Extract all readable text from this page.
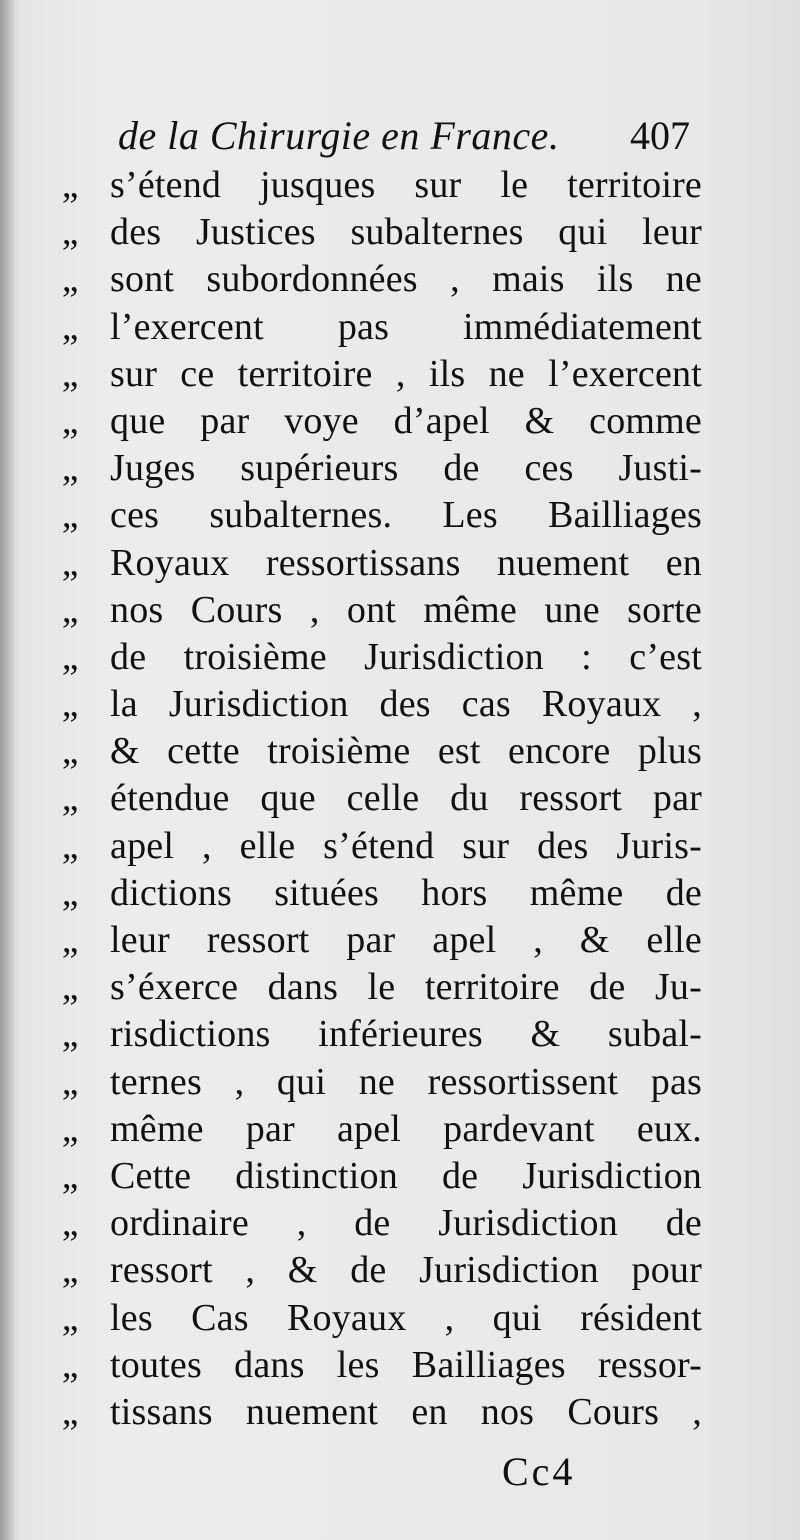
de la Chirurgie en France. 407
,, s’étend jusques sur le territoire
,, des Justices subalternes qui leur
,, sont subordonnées , mais ils ne
,, l’exercent pas immédiatement
,, sur ce territoire , ils ne l’exercent
,, que par voye d’apel & comme
,, Juges supérieurs de ces Justi-
,, ces subalternes. Les Bailliages
,, Royaux ressortissans nuement en
,, nos Cours , ont même une sorte
,, de troisième Jurisdiction : c’est
,, la Jurisdiction des cas Royaux ,
,, & cette troisième est encore plus
,, étendue que celle du ressort par
,, apel , elle s’étend sur des Juris-
,, dictions situées hors même de
,, leur ressort par apel , & elle
,, s’éxerce dans le territoire de Ju-
,, risdictions inférieures & subal-
,, ternes , qui ne ressortissent pas
,, même par apel pardevant eux.
,, Cette distinction de Jurisdiction
,, ordinaire , de Jurisdiction de
,, ressort , & de Jurisdiction pour
,, les Cas Royaux , qui résident
,, toutes dans les Bailliages ressor-
,, tissans nuement en nos Cours ,
Cc4
